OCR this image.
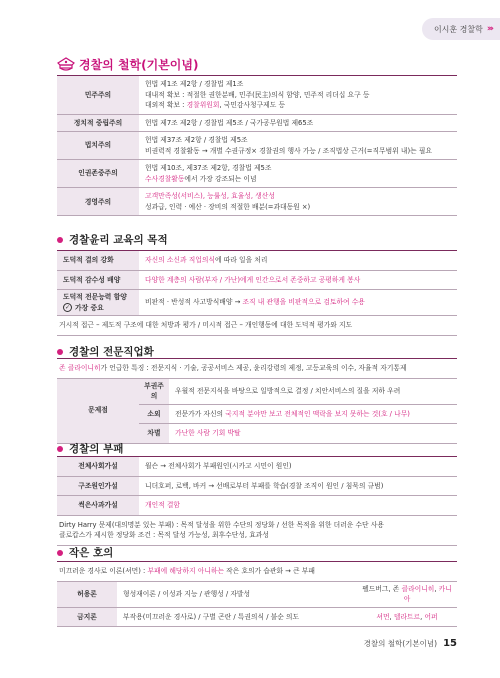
이시훈 경찰학 ›››
경찰의 철학(기본이념)
민주주의	헌법 제1조 제2항 / 경찰법 제1조
대내적 확보 : 적절한 권한분배, 민주(民主)의식 함양, 민주적 리더십 요구 등
대외적 확보 : 경찰위원회, 국민감사청구제도 등

정치적 중립주의	헌법 제7조 제2항 / 경찰법 제5조 / 국가공무원법 제65조

법치주의	헌법 제37조 제2항 / 경찰법 제5조
비권력적 경찰활동 → 개별 수권규정× 경찰권의 행사 가능 / 조직법상 근거(=직무범위 내)는 필요

인권존중주의	헌법 제10조, 제37조 제2항, 경찰법 제5조
수사경찰활동에서 가장 강조되는 이념

경영주의	고객만족성(서비스), 능률성, 효율성, 생산성
성과급, 인력 · 예산 · 장비의 적절한 배분(=과대동원 ×)
경찰윤리 교육의 목적
도덕적 결의 강화	자신의 소신과 직업의식에 따라 일을 처리

도덕적 감수성 배양	다양한 계층의 사람(부자 / 가난)에게 인간으로서 존중하고 공평하게 봉사

도덕적 전문능력 함양
✓ 가장 중요	비판적 · 반성적 사고방식배양 → 조직 내 관행을 비판적으로 검토하여 수용

거시적 접근 – 제도적 구조에 대한 처방과 평가 / 미시적 접근 – 개인행동에 대한 도덕적 평가와 지도	
경찰의 전문직업화
존 클라이니히가 언급한 특징 : 전문지식 · 기술, 공공서비스 제공, 윤리강령의 제정, 고등교육의 이수, 자율적 자기통제		
문제점	부권주의	우월적 전문지식을 바탕으로 일방적으로 결정 / 치안서비스의 질을 저하 우려

	소외	전문가가 자신의 국지적 분야만 보고 전체적인 맥락을 보지 못하는 것(호 / 나무)

	차별	가난한 사람 기회 박탈
경찰의 부패
전체사회가설	윌슨 → 전체사회가 부패원인(시카고 시민이 원인)

구조원인가설	니더호퍼, 로백, 바커 → 선배로부터 부패를 학습(경찰 조직이 원인 / 침묵의 규범)

썩은사과가설	개인적 결함

Dirty Harry 문제(대의명분 있는 부패) : 목적 달성을 위한 수단의 정당화 / 선한 목적을 위한 더러운 수단 사용
클로캅스가 제시한 정당화 조건 : 목적 달성 가능성, 최후수단성, 효과성	
작은 호의
미끄러운 경사로 이론(셔먼) : 부패에 해당하지 아니하는 작은 호의가 습관화 → 큰 부패		
허용론	형성재이론 / 이성과 지능 / 관행성 / 자발성	펠드버그, 존 클라이니히, 카니아
금지론	부작용(미끄러운 경사로) / 구별 곤란 / 특권의식 / 불순 의도	셔먼, 델라트르, 어퍼
경찰의 철학(기본이념) 15
